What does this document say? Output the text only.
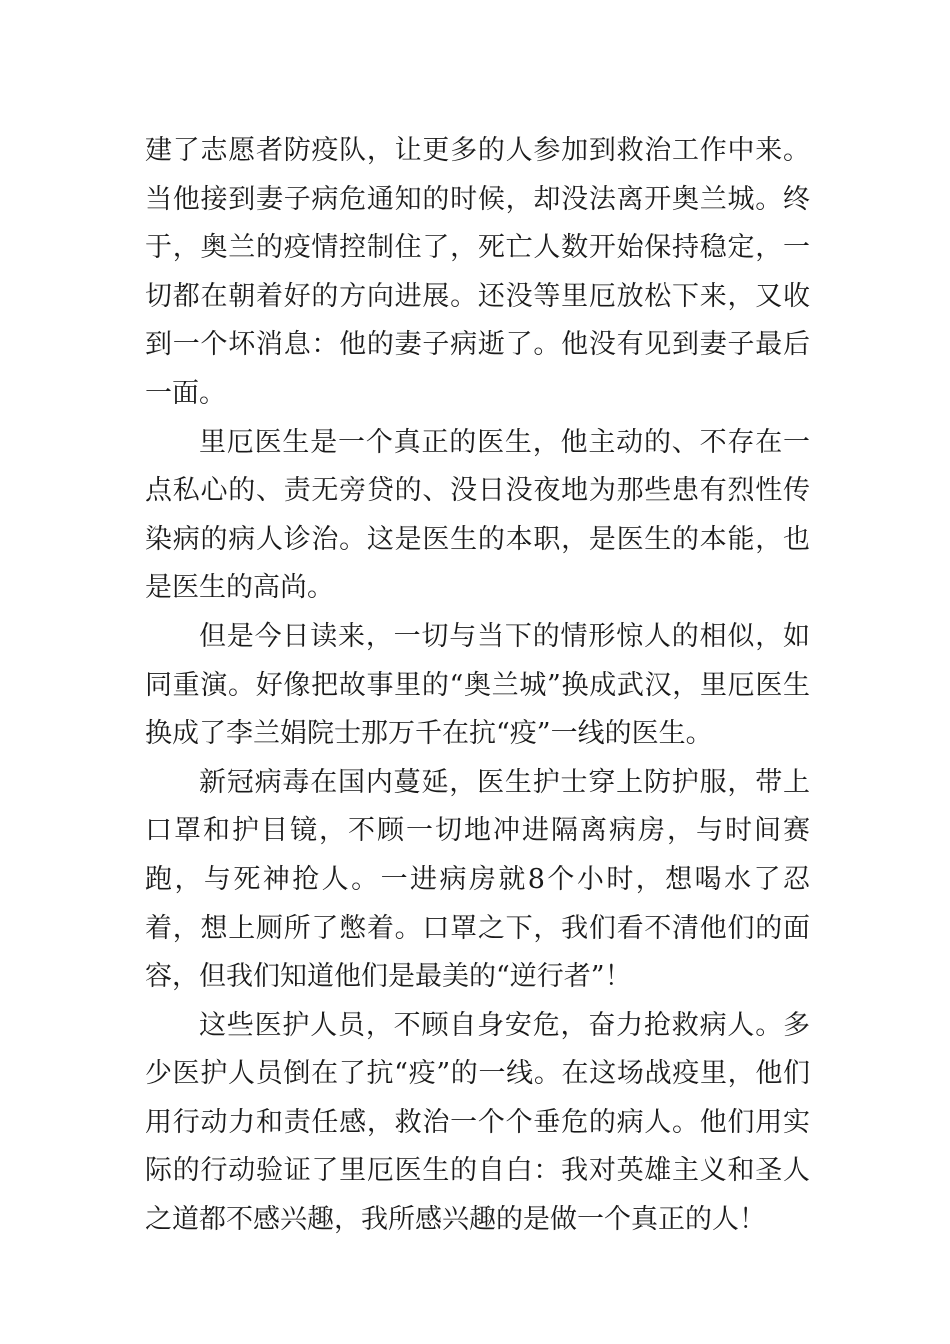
建了志愿者防疫队，让更多的人参加到救治工作中来。当他接到妻子病危通知的时候，却没法离开奥兰城。终于，奥兰的疫情控制住了，死亡人数开始保持稳定，一切都在朝着好的方向进展。还没等里厄放松下来，又收到一个坏消息：他的妻子病逝了。他没有见到妻子最后一面。

里厄医生是一个真正的医生，他主动的、不存在一点私心的、责无旁贷的、没日没夜地为那些患有烈性传染病的病人诊治。这是医生的本职，是医生的本能，也是医生的高尚。

但是今日读来，一切与当下的情形惊人的相似，如同重演。好像把故事里的“奥兰城”换成武汉，里厄医生换成了李兰娟院士那万千在抗“疫”一线的医生。

新冠病毒在国内蔓延，医生护士穿上防护服，带上口罩和护目镜，不顾一切地冲进隔离病房，与时间赛跑，与死神抢人。一进病房就8个小时，想喝水了忍着，想上厕所了憋着。口罩之下，我们看不清他们的面容，但我们知道他们是最美的“逆行者”！

这些医护人员，不顾自身安危，奋力抢救病人。多少医护人员倒在了抗“疫”的一线。在这场战疫里，他们用行动力和责任感，救治一个个垂危的病人。他们用实际的行动验证了里厄医生的自白：我对英雄主义和圣人之道都不感兴趣，我所感兴趣的是做一个真正的人！
